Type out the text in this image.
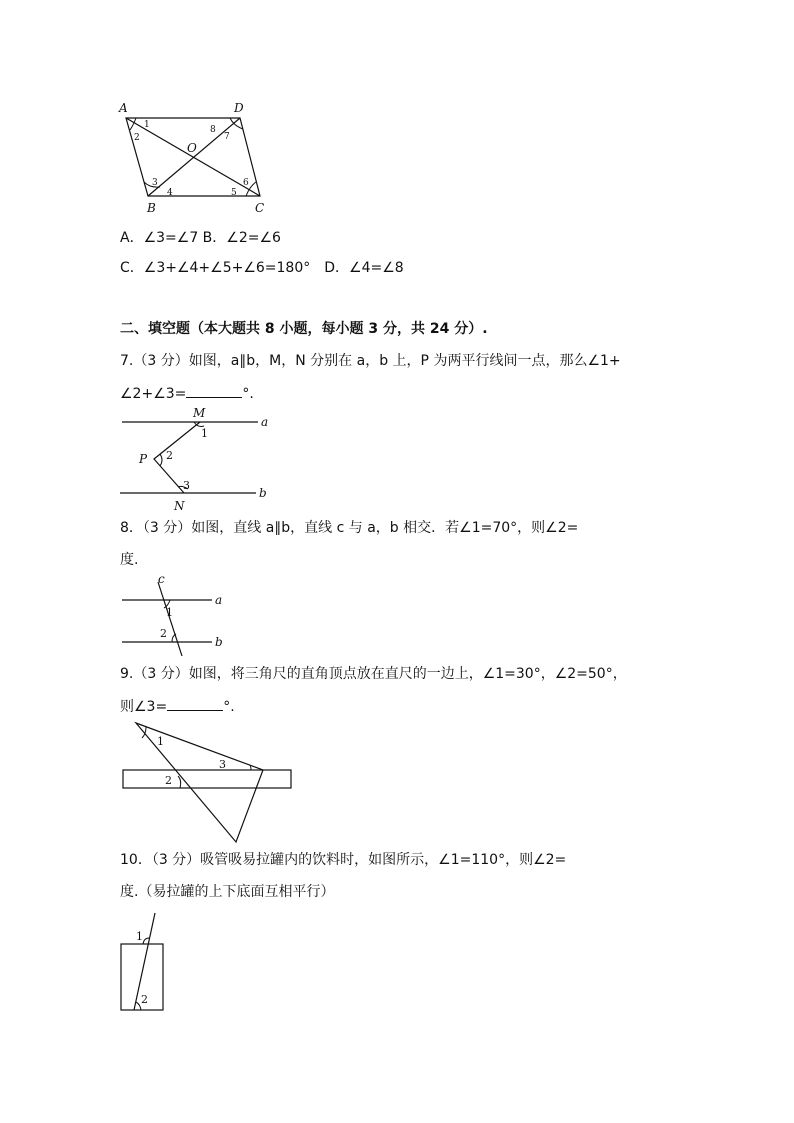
A	D
O
B	C
1
2
3
4	5
6
7
8
A．∠3=∠7 B．∠2=∠6
C．∠3+∠4+∠5+∠6=180°　D．∠4=∠8
二、填空题（本大题共 8 小题，每小题 3 分，共 24 分）.
7.（3 分）如图，a∥b，M，N 分别在 a，b 上，P 为两平行线间一点，那么∠1+
∠2+∠3=	°.
M
N
P
a
b
1
2
3
8．（3 分）如图，直线 a∥b，直线 c 与 a，b 相交．若∠1=70°，则∠2=
度.
c
a
b
1
2
9.（3 分）如图，将三角尺的直角顶点放在直尺的一边上，∠1=30°，∠2=50°，
则∠3=	°.
1
2
3
10．（3 分）吸管吸易拉罐内的饮料时，如图所示，∠1=110°，则∠2=
度.（易拉罐的上下底面互相平行）
1
2
